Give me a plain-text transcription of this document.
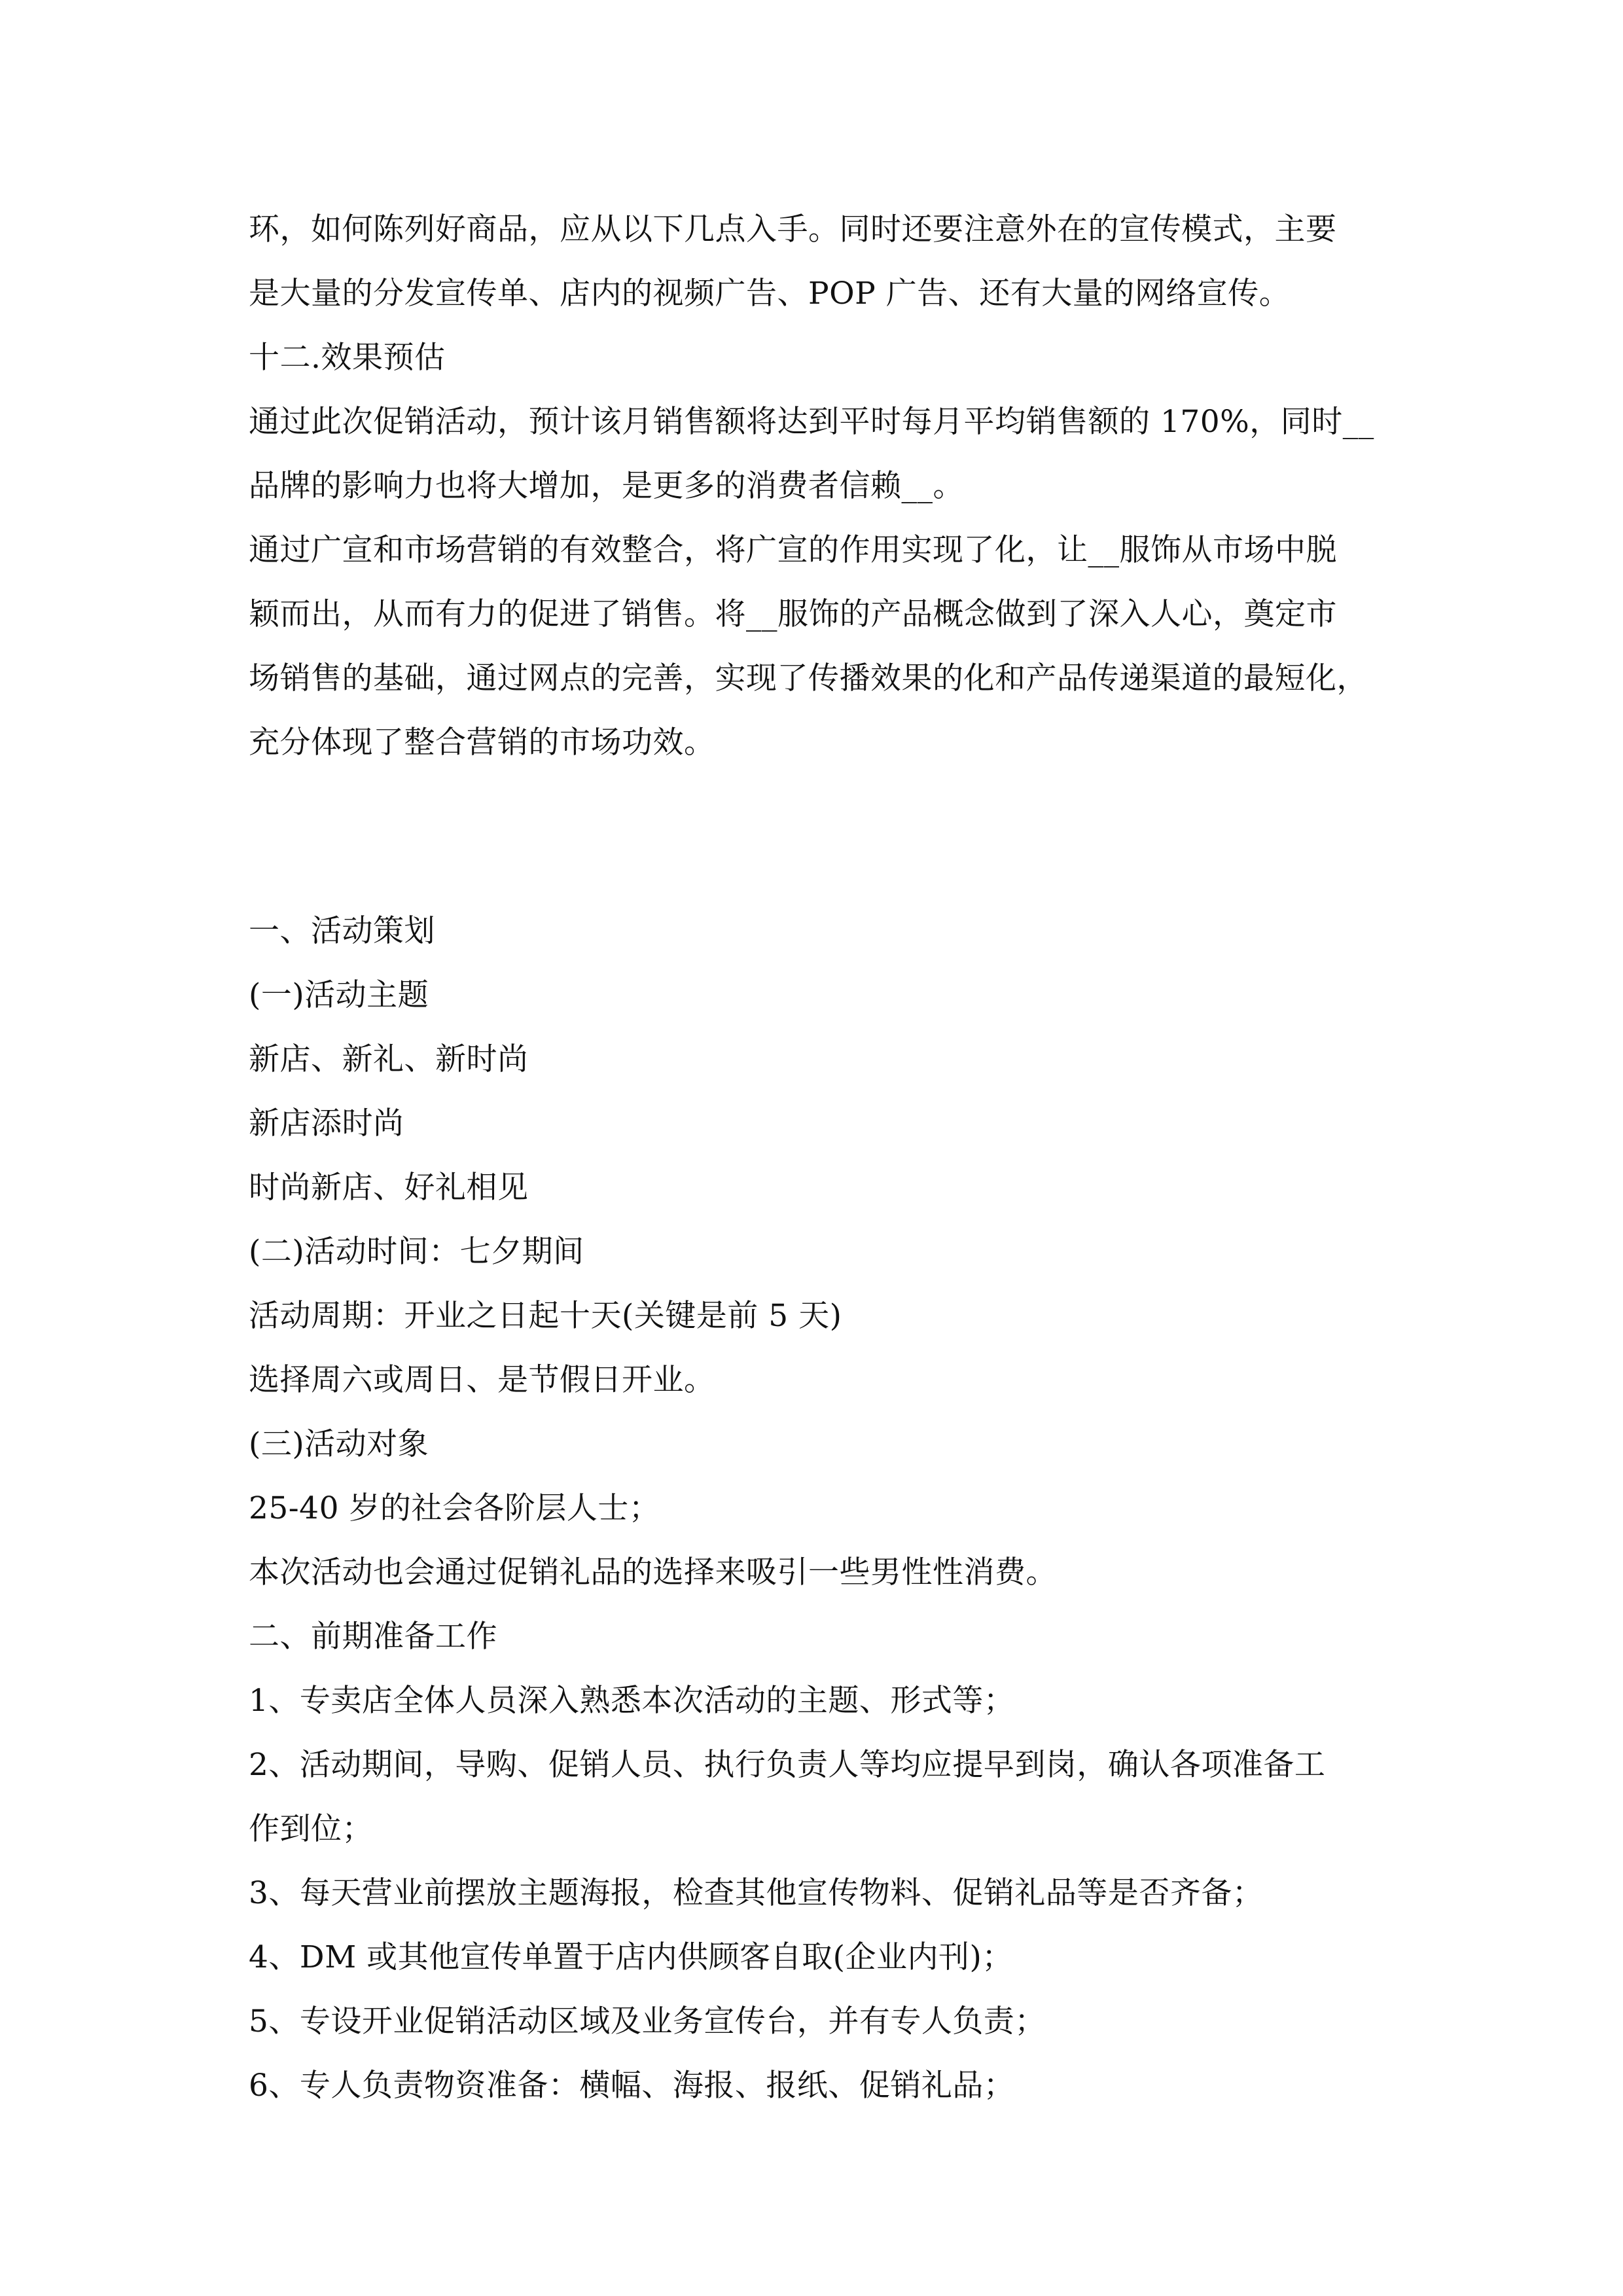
环，如何陈列好商品，应从以下几点入手。同时还要注意外在的宣传模式，主要

是大量的分发宣传单、店内的视频广告、POP 广告、还有大量的网络宣传。

十二.效果预估

通过此次促销活动，预计该月销售额将达到平时每月平均销售额的 170%，同时__

品牌的影响力也将大增加，是更多的消费者信赖__。

通过广宣和市场营销的有效整合，将广宣的作用实现了化，让__服饰从市场中脱

颖而出，从而有力的促进了销售。将__服饰的产品概念做到了深入人心，奠定市

场销售的基础，通过网点的完善，实现了传播效果的化和产品传递渠道的最短化，

充分体现了整合营销的市场功效。

一、活动策划

(一)活动主题

新店、新礼、新时尚

新店添时尚

时尚新店、好礼相见

(二)活动时间：七夕期间

活动周期：开业之日起十天(关键是前 5 天)

选择周六或周日、是节假日开业。

(三)活动对象

25-40 岁的社会各阶层人士；

本次活动也会通过促销礼品的选择来吸引一些男性性消费。

二、前期准备工作

1、专卖店全体人员深入熟悉本次活动的主题、形式等；

2、活动期间，导购、促销人员、执行负责人等均应提早到岗，确认各项准备工

作到位；

3、每天营业前摆放主题海报，检查其他宣传物料、促销礼品等是否齐备；

4、DM 或其他宣传单置于店内供顾客自取(企业内刊)；

5、专设开业促销活动区域及业务宣传台，并有专人负责；

6、专人负责物资准备：横幅、海报、报纸、促销礼品；
